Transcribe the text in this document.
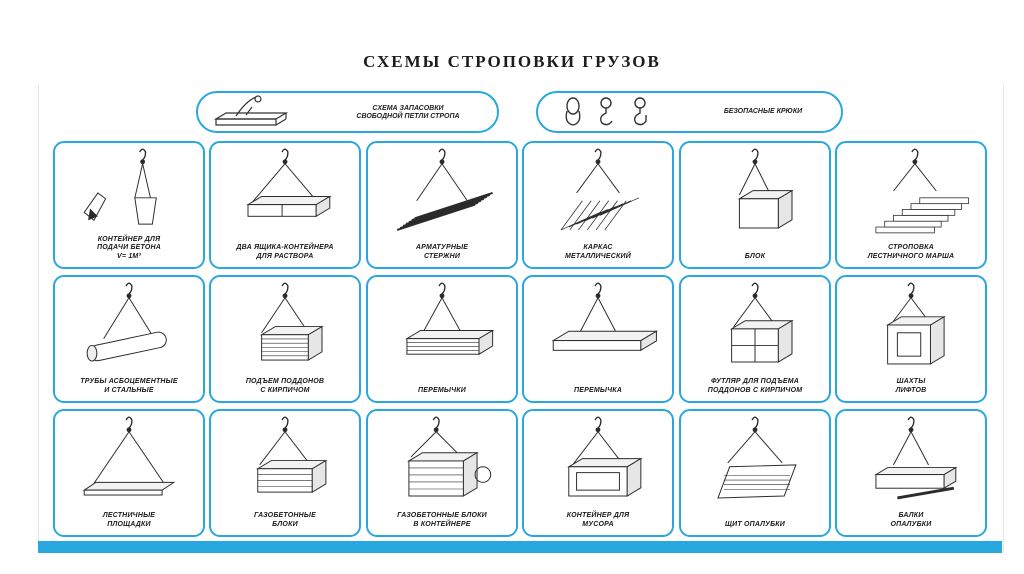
СХЕМЫ СТРОПОВКИ ГРУЗОВ
СХЕМА ЗАПАСОВКИ
СВОБОДНОЙ ПЕТЛИ СТРОПА
БЕЗОПАСНЫЕ КРЮКИ
КОНТЕЙНЕР ДЛЯ
ПОДАЧИ БЕТОНА
V= 1М³
ДВА ЯЩИКА-КОНТЕЙНЕРА
ДЛЯ РАСТВОРА
АРМАТУРНЫЕ
СТЕРЖНИ
КАРКАС
МЕТАЛЛИЧЕСКИЙ	БЛОК
СТРОПОВКА
ЛЕСТНИЧНОГО МАРША
ТРУБЫ АСБОЦЕМЕНТНЫЕ
И СТАЛЬНЫЕ
ПОДЪЕМ ПОДДОНОВ
С КИРПИЧОМ	ПЕРЕМЫЧКИ	ПЕРЕМЫЧКА
ФУТЛЯР ДЛЯ ПОДЪЕМА
ПОДДОНОВ С КИРПИЧОМ
ШАХТЫ
ЛИФТОВ
ЛЕСТНИЧНЫЕ
ПЛОЩАДКИ
ГАЗОБЕТОННЫЕ
БЛОКИ
ГАЗОБЕТОННЫЕ БЛОКИ
В КОНТЕЙНЕРЕ
КОНТЕЙНЕР ДЛЯ
МУСОРА	ЩИТ ОПАЛУБКИ
БАЛКИ
ОПАЛУБКИ
